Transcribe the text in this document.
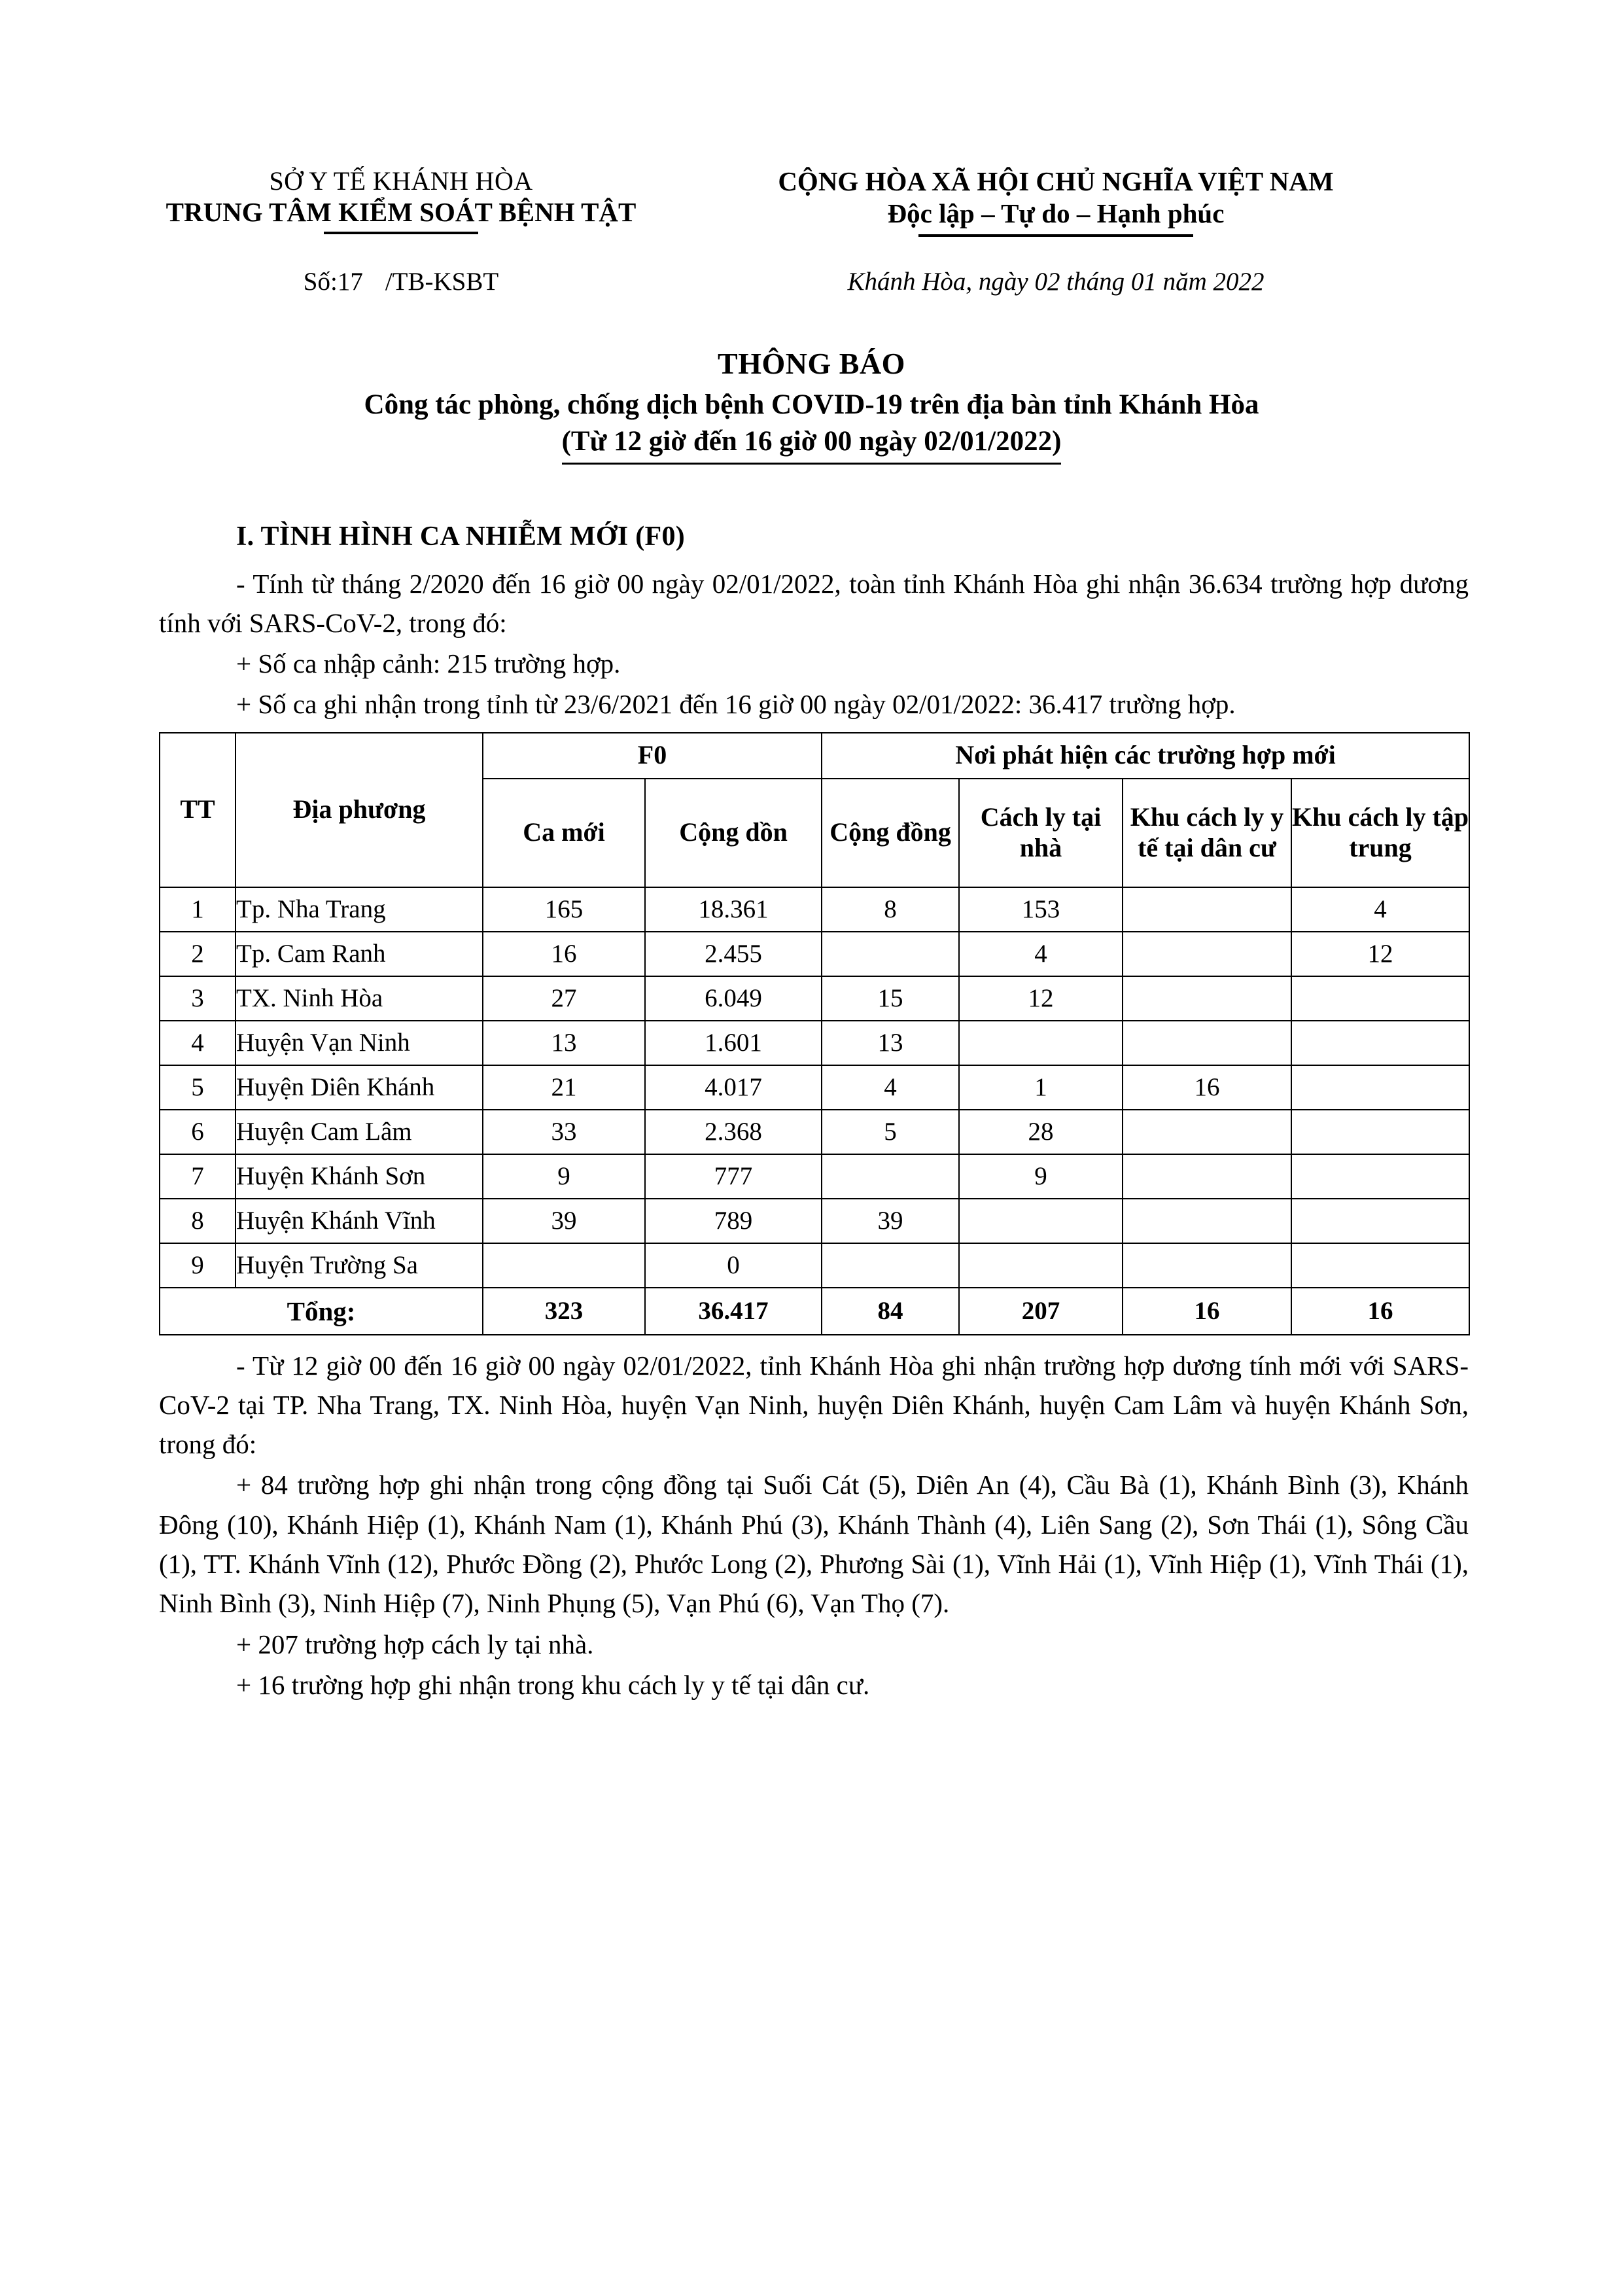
SỞ Y TẾ KHÁNH HÒA
TRUNG TÂM KIỂM SOÁT BỆNH TẬT
CỘNG HÒA XÃ HỘI CHỦ NGHĨA VIỆT NAM
Độc lập – Tự do – Hạnh phúc
Số:17 /TB-KSBT	Khánh Hòa, ngày 02 tháng 01 năm 2022
THÔNG BÁO
Công tác phòng, chống dịch bệnh COVID-19 trên địa bàn tỉnh Khánh Hòa
(Từ 12 giờ đến 16 giờ 00 ngày 02/01/2022)
I. TÌNH HÌNH CA NHIỄM MỚI (F0)
- Tính từ tháng 2/2020 đến 16 giờ 00 ngày 02/01/2022, toàn tỉnh Khánh Hòa ghi nhận 36.634 trường hợp dương tính với SARS-CoV-2, trong đó:
+ Số ca nhập cảnh: 215 trường hợp.
+ Số ca ghi nhận trong tỉnh từ 23/6/2021 đến 16 giờ 00 ngày 02/01/2022: 36.417 trường hợp.
TT	Địa phương	F0		Nơi phát hiện các trường hợp mới			
		Ca mới	Cộng dồn	Cộng đồng	Cách ly tại nhà	Khu cách ly y tế tại dân cư	Khu cách ly tập trung
1	Tp. Nha Trang	165	18.361	8	153		4
2	Tp. Cam Ranh	16	2.455		4		12
3	TX. Ninh Hòa	27	6.049	15	12		
4	Huyện Vạn Ninh	13	1.601	13			
5	Huyện Diên Khánh	21	4.017	4	1	16	
6	Huyện Cam Lâm	33	2.368	5	28		
7	Huyện Khánh Sơn	9	777		9		
8	Huyện Khánh Vĩnh	39	789	39			
9	Huyện Trường Sa		0				
Tổng:		323	36.417	84	207	16	16
- Từ 12 giờ 00 đến 16 giờ 00 ngày 02/01/2022, tỉnh Khánh Hòa ghi nhận trường hợp dương tính mới với SARS-CoV-2 tại TP. Nha Trang, TX. Ninh Hòa, huyện Vạn Ninh, huyện Diên Khánh, huyện Cam Lâm và huyện Khánh Sơn, trong đó:
+ 84 trường hợp ghi nhận trong cộng đồng tại Suối Cát (5), Diên An (4), Cầu Bà (1), Khánh Bình (3), Khánh Đông (10), Khánh Hiệp (1), Khánh Nam (1), Khánh Phú (3), Khánh Thành (4), Liên Sang (2), Sơn Thái (1), Sông Cầu (1), TT. Khánh Vĩnh (12), Phước Đồng (2), Phước Long (2), Phương Sài (1), Vĩnh Hải (1), Vĩnh Hiệp (1), Vĩnh Thái (1), Ninh Bình (3), Ninh Hiệp (7), Ninh Phụng (5), Vạn Phú (6), Vạn Thọ (7).
+ 207 trường hợp cách ly tại nhà.
+ 16 trường hợp ghi nhận trong khu cách ly y tế tại dân cư.
